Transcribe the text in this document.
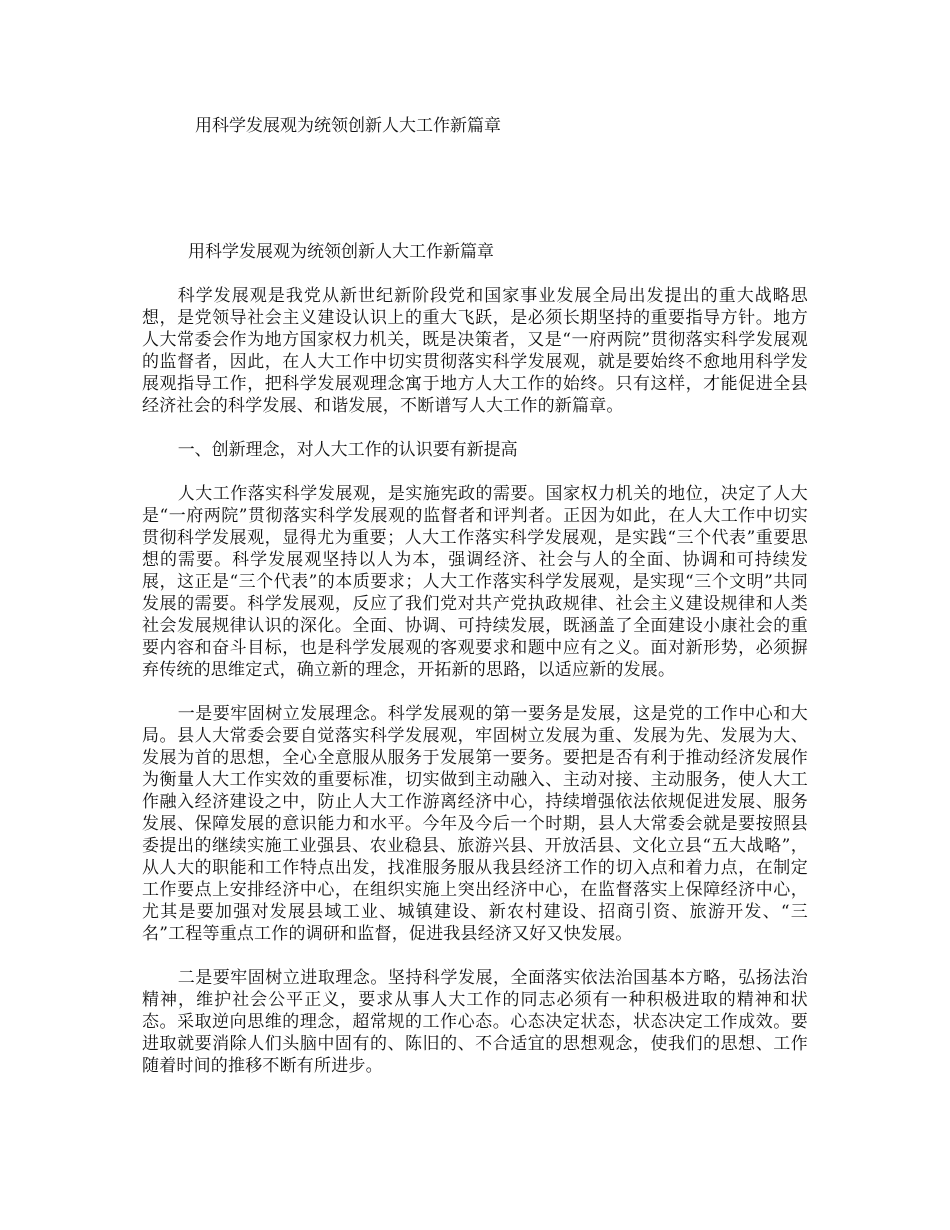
用科学发展观为统领创新人大工作新篇章
用科学发展观为统领创新人大工作新篇章

科学发展观是我党从新世纪新阶段党和国家事业发展全局出发提出的重大战略思想，是党领导社会主义建设认识上的重大飞跃，是必须长期坚持的重要指导方针。地方人大常委会作为地方国家权力机关，既是决策者，又是“一府两院”贯彻落实科学发展观的监督者，因此，在人大工作中切实贯彻落实科学发展观，就是要始终不愈地用科学发展观指导工作，把科学发展观理念寓于地方人大工作的始终。只有这样，才能促进全县经济社会的科学发展、和谐发展，不断谱写人大工作的新篇章。

一、创新理念，对人大工作的认识要有新提高

人大工作落实科学发展观，是实施宪政的需要。国家权力机关的地位，决定了人大是“一府两院”贯彻落实科学发展观的监督者和评判者。正因为如此，在人大工作中切实贯彻科学发展观，显得尤为重要；人大工作落实科学发展观，是实践“三个代表”重要思想的需要。科学发展观坚持以人为本，强调经济、社会与人的全面、协调和可持续发展，这正是“三个代表”的本质要求；人大工作落实科学发展观，是实现“三个文明”共同发展的需要。科学发展观，反应了我们党对共产党执政规律、社会主义建设规律和人类社会发展规律认识的深化。全面、协调、可持续发展，既涵盖了全面建设小康社会的重要内容和奋斗目标，也是科学发展观的客观要求和题中应有之义。面对新形势，必须摒弃传统的思维定式，确立新的理念，开拓新的思路，以适应新的发展。

一是要牢固树立发展理念。科学发展观的第一要务是发展，这是党的工作中心和大局。县人大常委会要自觉落实科学发展观，牢固树立发展为重、发展为先、发展为大、发展为首的思想，全心全意服从服务于发展第一要务。要把是否有利于推动经济发展作为衡量人大工作实效的重要标准，切实做到主动融入、主动对接、主动服务，使人大工作融入经济建设之中，防止人大工作游离经济中心，持续增强依法依规促进发展、服务发展、保障发展的意识能力和水平。今年及今后一个时期，县人大常委会就是要按照县委提出的继续实施工业强县、农业稳县、旅游兴县、开放活县、文化立县“五大战略”，从人大的职能和工作特点出发，找准服务服从我县经济工作的切入点和着力点，在制定工作要点上安排经济中心，在组织实施上突出经济中心，在监督落实上保障经济中心，尤其是要加强对发展县域工业、城镇建设、新农村建设、招商引资、旅游开发、“三名”工程等重点工作的调研和监督，促进我县经济又好又快发展。

二是要牢固树立进取理念。坚持科学发展，全面落实依法治国基本方略，弘扬法治精神，维护社会公平正义，要求从事人大工作的同志必须有一种积极进取的精神和状态。采取逆向思维的理念，超常规的工作心态。心态决定状态，状态决定工作成效。要进取就要消除人们头脑中固有的、陈旧的、不合适宜的思想观念，使我们的思想、工作随着时间的推移不断有所进步。
